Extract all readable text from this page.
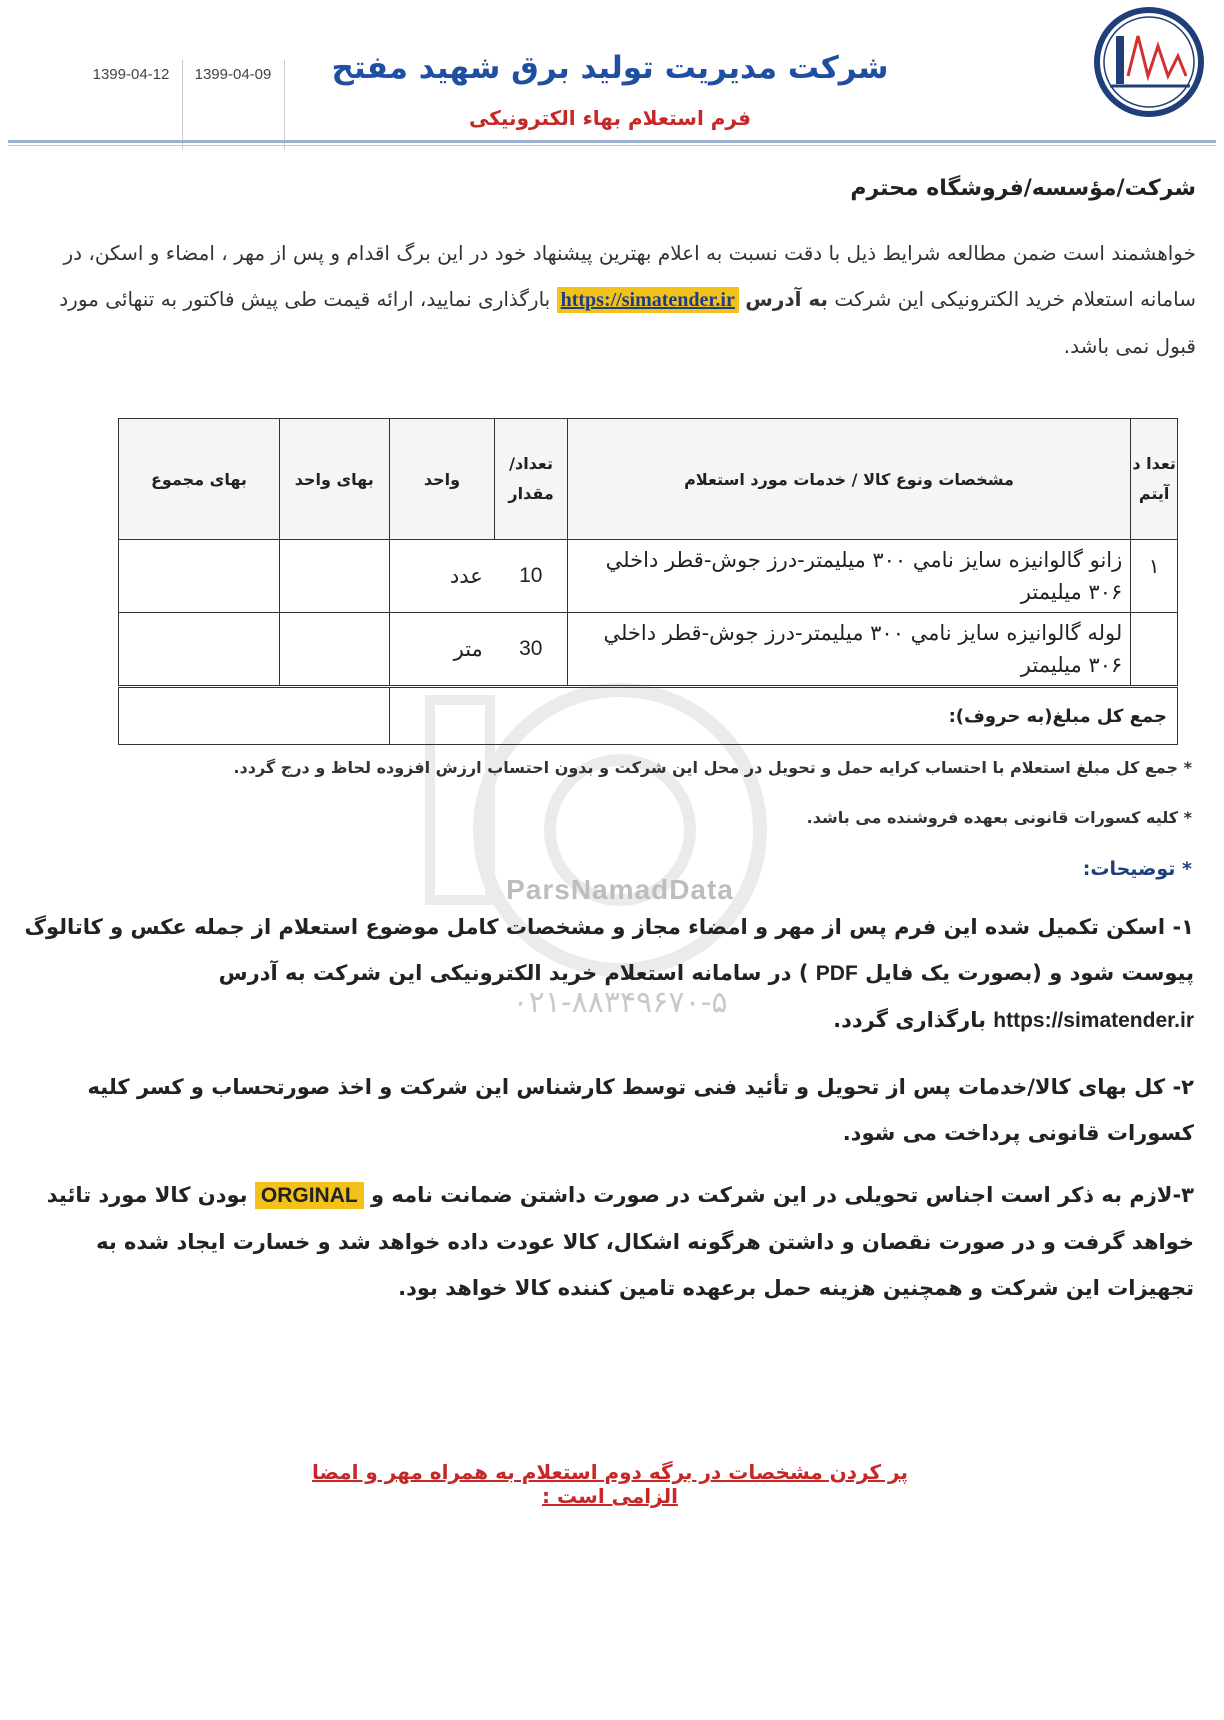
1399-04-12	1399-04-09	شرکت مدیریت تولید برق شهید مفتح
فرم استعلام بهاء الکترونیکی
ParsNamadData
۰۲۱-۸۸۳۴۹۶۷۰-۵
شرکت/مؤسسه/فروشگاه محترم
خواهشمند است ضمن مطالعه شرایط ذیل با دقت نسبت به اعلام بهترین پیشنهاد خود در این برگ اقدام و پس از مهر ، امضاء و اسکن، در سامانه استعلام خرید الکترونیکی این شرکت به آدرس https://simatender.ir بارگذاری نمایید، ارائه قیمت طی پیش فاکتور به تنهائی مورد قبول نمی باشد.
تعدا د آیتم	مشخصات ونوع کالا / خدمات مورد استعلام	تعداد/ مقدار	واحد	بهای واحد	بهای مجموع
۱	زانو گالوانيزه سايز نامي ۳۰۰ ميليمتر-درز جوش-قطر داخلي ۳۰۶ ميليمتر	10	عدد		
	لوله گالوانيزه سايز نامي ۳۰۰ ميليمتر-درز جوش-قطر داخلي ۳۰۶ ميليمتر	30	متر		
جمع کل مبلغ(به حروف):					
* جمع کل مبلغ استعلام با احتساب کرایه حمل و تحویل در محل این شرکت و بدون احتساب ارزش افزوده لحاظ و درج گردد.
* کلیه کسورات قانونی بعهده فروشنده می باشد.
* توضیحات:
۱- اسکن تکمیل شده این فرم پس از مهر و امضاء مجاز و مشخصات کامل موضوع استعلام از جمله عکس و کاتالوگ پیوست شود و (بصورت یک فایل PDF ) در سامانه استعلام خرید الکترونیکی این شرکت به آدرس https://simatender.ir بارگذاری گردد.
۲- کل بهای کالا/خدمات پس از تحویل و تأئید فنی توسط کارشناس این شرکت و اخذ صورتحساب و کسر کلیه کسورات قانونی پرداخت می شود.
۳-لازم به ذکر است اجناس تحویلی در این شرکت در صورت داشتن ضمانت نامه و ORGINAL بودن کالا مورد تائید خواهد گرفت و در صورت نقصان و داشتن هرگونه اشکال، کالا عودت داده خواهد شد و خسارت ایجاد شده به تجهیزات این شرکت و همچنین هزینه حمل برعهده تامین کننده کالا خواهد بود.
پر کردن مشخصات در برگه دوم استعلام به همراه مهر و امضا الزامی است :
